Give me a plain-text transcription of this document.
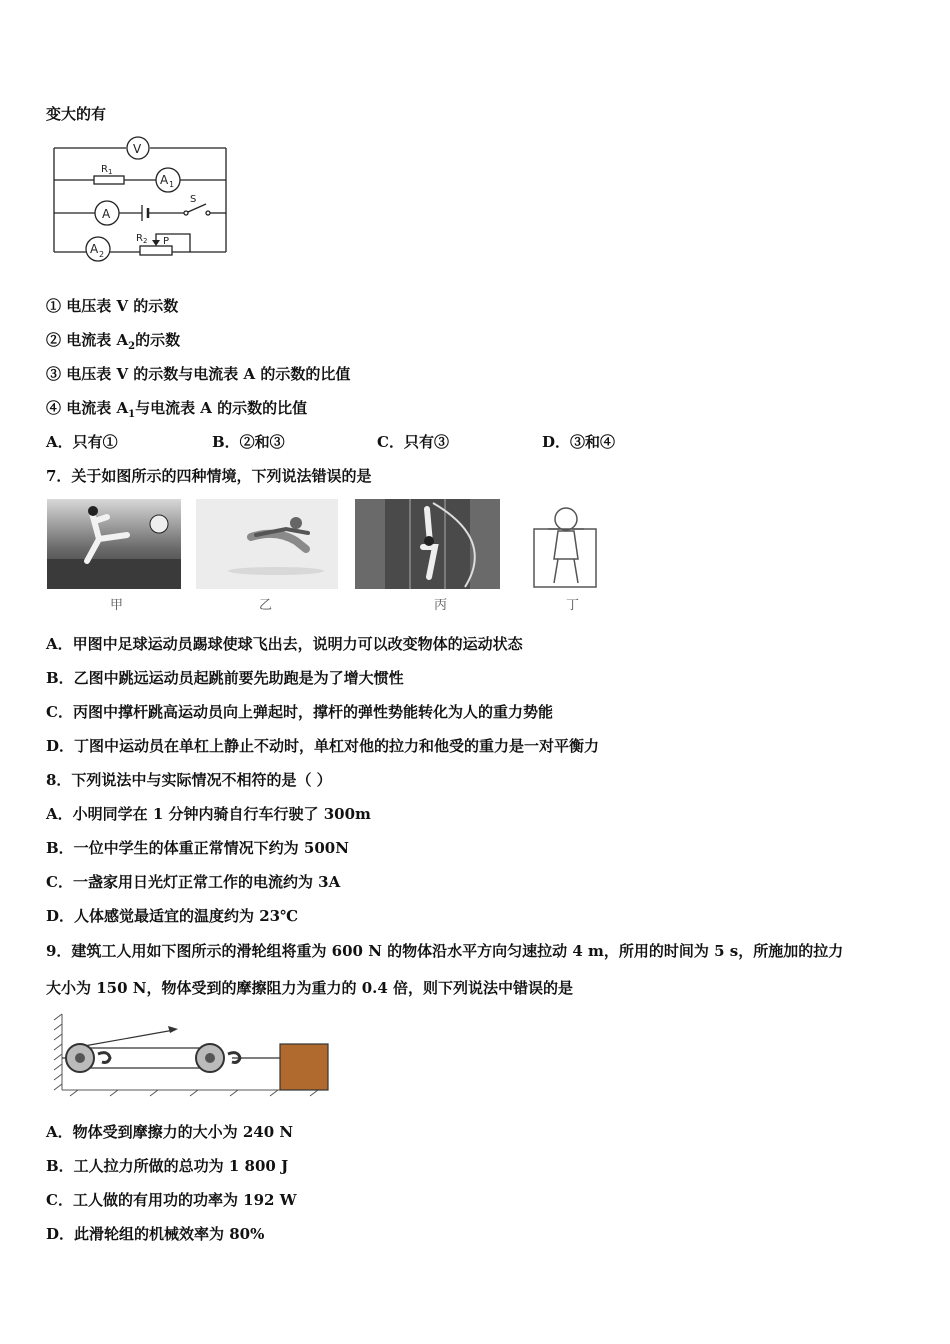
变大的有
V
R 1
A 1
S
A
R 2 P
A 2
① 电压表 V 的示数
② 电流表 $A_2$的示数
③ 电压表 V 的示数与电流表 A 的示数的比值
④ 电流表 $A_1$与电流表 A 的示数的比值
A．只有①	B．②和③	C．只有③	D．③和④
7．关于如图所示的四种情境，下列说法错误的是
甲	乙	丙	丁
A．甲图中足球运动员踢球使球飞出去，说明力可以改变物体的运动状态
B．乙图中跳远运动员起跳前要先助跑是为了增大惯性
C．丙图中撑杆跳高运动员向上弹起时，撑杆的弹性势能转化为人的重力势能
D．丁图中运动员在单杠上静止不动时，单杠对他的拉力和他受的重力是一对平衡力
8．下列说法中与实际情况不相符的是（ ）
A．小明同学在 1 分钟内骑自行车行驶了 300m
B．一位中学生的体重正常情况下约为 500N
C．一盏家用日光灯正常工作的电流约为 3A
D．人体感觉最适宜的温度约为 23℃
9．建筑工人用如下图所示的滑轮组将重为 600 N 的物体沿水平方向匀速拉动 4 m，所用的时间为 5 s，所施加的拉力
大小为 150 N，物体受到的摩擦阻力为重力的 0.4 倍，则下列说法中错误的是
A．物体受到摩擦力的大小为 240 N
B．工人拉力所做的总功为 1 800 J
C．工人做的有用功的功率为 192 W
D．此滑轮组的机械效率为 80%
